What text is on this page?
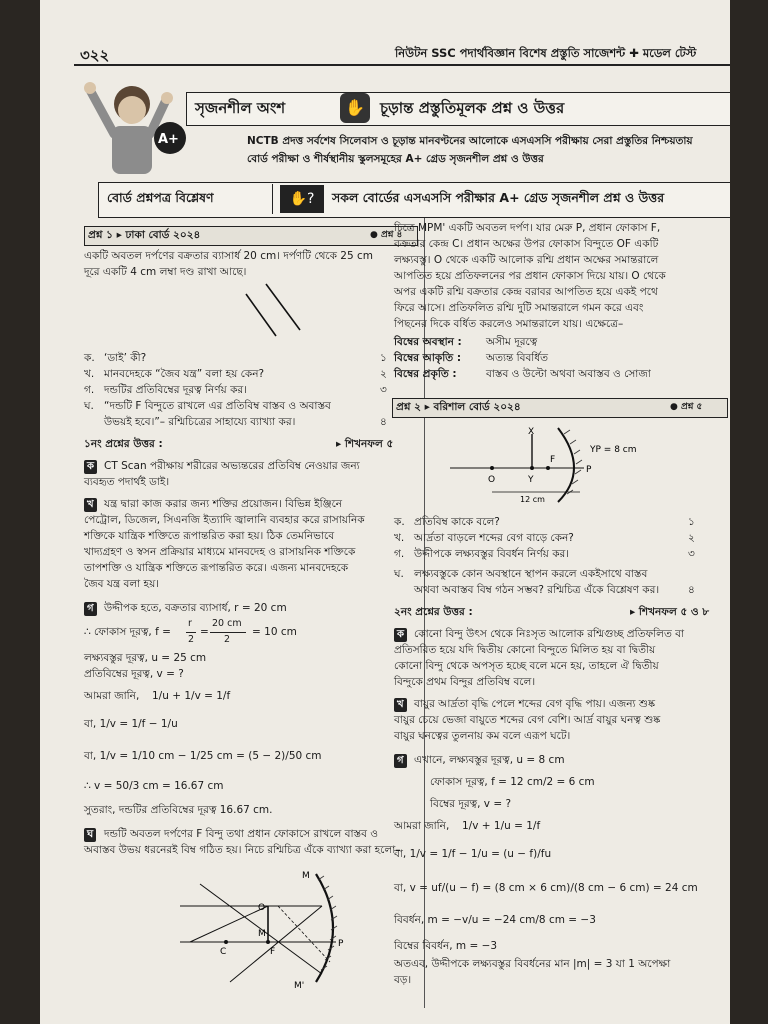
৩২২	নিউটন SSC পদার্থবিজ্ঞান বিশেষ প্রস্তুতি সাজেশন্ট ✚ মডেল টেস্ট
A+
সৃজনশীল অংশ	✋	চূড়ান্ত প্রস্তুতিমূলক প্রশ্ন ও উত্তর
NCTB প্রদত্ত সর্বশেষ সিলেবাস ও চূড়ান্ত মানবণ্টনের আলোকে এসএসসি পরীক্ষায় সেরা প্রস্তুতির নিশ্চয়তায়
বোর্ড পরীক্ষা ও শীর্ষস্থানীয় স্কুলসমূহের A+ গ্রেড সৃজনশীল প্রশ্ন ও উত্তর
বোর্ড প্রশ্নপত্র বিশ্লেষণ	✋?	সকল বোর্ডের এসএসসি পরীক্ষার A+ গ্রেড সৃজনশীল প্রশ্ন ও উত্তর
প্রশ্ন ১ ▸ ঢাকা বোর্ড ২০২৪	● প্রশ্ন ৪
একটি অবতল দর্পণের বক্রতার ব্যাসার্ধ 20 cm। দর্পণটি থেকে 25 cm
দূরে একটি 4 cm লম্বা দণ্ড রাখা আছে।
ক. ‘ডাই’ কী?	১
খ. মানবদেহকে “জৈব যন্ত্র” বলা হয় কেন?	২
গ. দন্ডটির প্রতিবিম্বের দূরত্ব নির্ণয় কর।	৩
ঘ. “দন্ডটি F বিন্দুতে রাখলে এর প্রতিবিম্ব বাস্তব ও অবাস্তব
উভয়ই হবে।”– রশ্মিচিত্রের সাহায্যে ব্যাখ্যা কর।	৪
১নং প্রশ্নের উত্তর :	▸ শিখনফল ৫
ক CT Scan পরীক্ষায় শরীরের অভ্যন্তরের প্রতিবিম্ব নেওয়ার জন্য
ব্যবহৃত পদার্থই ডাই।
খ যন্ত্র দ্বারা কাজ করার জন্য শক্তির প্রয়োজন। বিভিন্ন ইঞ্জিনে
পেট্রোল, ডিজেল, সিএনজি ইত্যাদি জ্বালানি ব্যবহার করে রাসায়নিক
শক্তিকে যান্ত্রিক শক্তিতে রূপান্তরিত করা হয়। ঠিক তেমনিভাবে
খাদ্যগ্রহণ ও স্বসন প্রক্রিয়ার মাধ্যমে মানবদেহ ও রাসায়নিক শক্তিকে
তাপশক্তি ও যান্ত্রিক শক্তিতে রূপান্তরিত করে। এজন্য মানবদেহকে
জৈব যন্ত্র বলা হয়।
গ উদ্দীপক হতে, বক্রতার ব্যাসার্ধ, r = 20 cm
∴ ফোকাস দূরত্ব, f =
r
2
=
20 cm
2
= 10 cm
লক্ষ্যবস্তুর দূরত্ব, u = 25 cm
প্রতিবিম্বের দূরত্ব, v = ?
আমরা জানি, 1/u + 1/v = 1/f
বা, 1/v = 1/f − 1/u
বা, 1/v = 1/10 cm − 1/25 cm = (5 − 2)/50 cm
∴ v = 50/3 cm = 16.67 cm
সুতরাং, দন্ডটির প্রতিবিম্বের দূরত্ব 16.67 cm.
ঘ দন্ডটি অবতল দর্পণের F বিন্দু তথা প্রধান ফোকাসে রাখলে বাস্তব ও
অবাস্তব উভয় ধরনেরই বিম্ব গঠিত হয়। নিচে রশ্মিচিত্র এঁকে ব্যাখ্যা করা হলো–
M
O
C
M
F
P
M'
চিত্রে MPM' একটি অবতল দর্পণ। যার মেরু P, প্রধান ফোকাস F,
বক্রতার কেন্দ্র C। প্রধান অক্ষের উপর ফোকাস বিন্দুতে OF একটি
লক্ষ্যবস্তু। O থেকে একটি আলোক রশ্মি প্রধান অক্ষের সমান্তরালে
আপতিত হয়ে প্রতিফলনের পর প্রধান ফোকাস দিয়ে যায়। O থেকে
অপর একটি রশ্মি বক্রতার কেন্দ্র বরাবর আপতিত হয়ে একই পথে
ফিরে আসে। প্রতিফলিত রশ্মি দুটি সমান্তরালে গমন করে এবং
পিছনের দিকে বর্ধিত করলেও সমান্তরালে যায়। এক্ষেত্রে–
বিম্বের অবস্থান : অসীম দূরত্বে
বিম্বের আকৃতি : অত্যন্ত বিবর্ধিত
বিম্বের প্রকৃতি :	বাস্তব ও উল্টো অথবা অবাস্তব ও সোজা
প্রশ্ন ২ ▸ বরিশাল বোর্ড ২০২৪	● প্রশ্ন ৫
X
O	Y
F
P
YP = 8 cm
12 cm
ক. প্রতিবিম্ব কাকে বলে?	১
খ. আর্দ্রতা বাড়লে শব্দের বেগ বাড়ে কেন?	২
গ. উদ্দীপকে লক্ষ্যবস্তুর বিবর্ধন নির্ণয় কর।	৩
ঘ. লক্ষ্যবস্তুকে কোন অবস্থানে স্থাপন করলে একইসাথে বাস্তব
অথবা অবাস্তব বিম্ব গঠন সম্ভব? রশ্মিচিত্র এঁকে বিশ্লেষণ কর।	৪
২নং প্রশ্নের উত্তর :	▸ শিখনফল ৫ ও ৮
ক কোনো বিন্দু উৎস থেকে নিঃসৃত আলোক রশ্মিগুচ্ছ প্রতিফলিত বা
প্রতিসরিত হয়ে যদি দ্বিতীয় কোনো বিন্দুতে মিলিত হয় বা দ্বিতীয়
কোনো বিন্দু থেকে অপসৃত হচ্ছে বলে মনে হয়, তাহলে ঐ দ্বিতীয়
বিন্দুকে প্রথম বিন্দুর প্রতিবিম্ব বলে।
খ বায়ুর আর্দ্রতা বৃদ্ধি পেলে শব্দের বেগ বৃদ্ধি পায়। এজন্য শুষ্ক
বায়ুর চেয়ে ভেজা বায়ুতে শব্দের বেগ বেশি। আর্দ্র বায়ুর ঘনত্ব শুষ্ক
বায়ুর ঘনত্বের তুলনায় কম বলে এরূপ ঘটে।
গ এখানে, লক্ষ্যবস্তুর দূরত্ব, u = 8 cm
ফোকাস দূরত্ব, f = 12 cm/2 = 6 cm
বিম্বের দূরত্ব, v = ?
আমরা জানি, 1/v + 1/u = 1/f
বা, 1/v = 1/f − 1/u = (u − f)/fu
বা, v = uf/(u − f) = (8 cm × 6 cm)/(8 cm − 6 cm) = 24 cm
বিবর্ধন, m = −v/u = −24 cm/8 cm = −3
বিম্বের বিবর্ধন, m = −3
অতএব, উদ্দীপকে লক্ষ্যবস্তুর বিবর্ধনের মান |m| = 3 যা 1 অপেক্ষা
বড়।
